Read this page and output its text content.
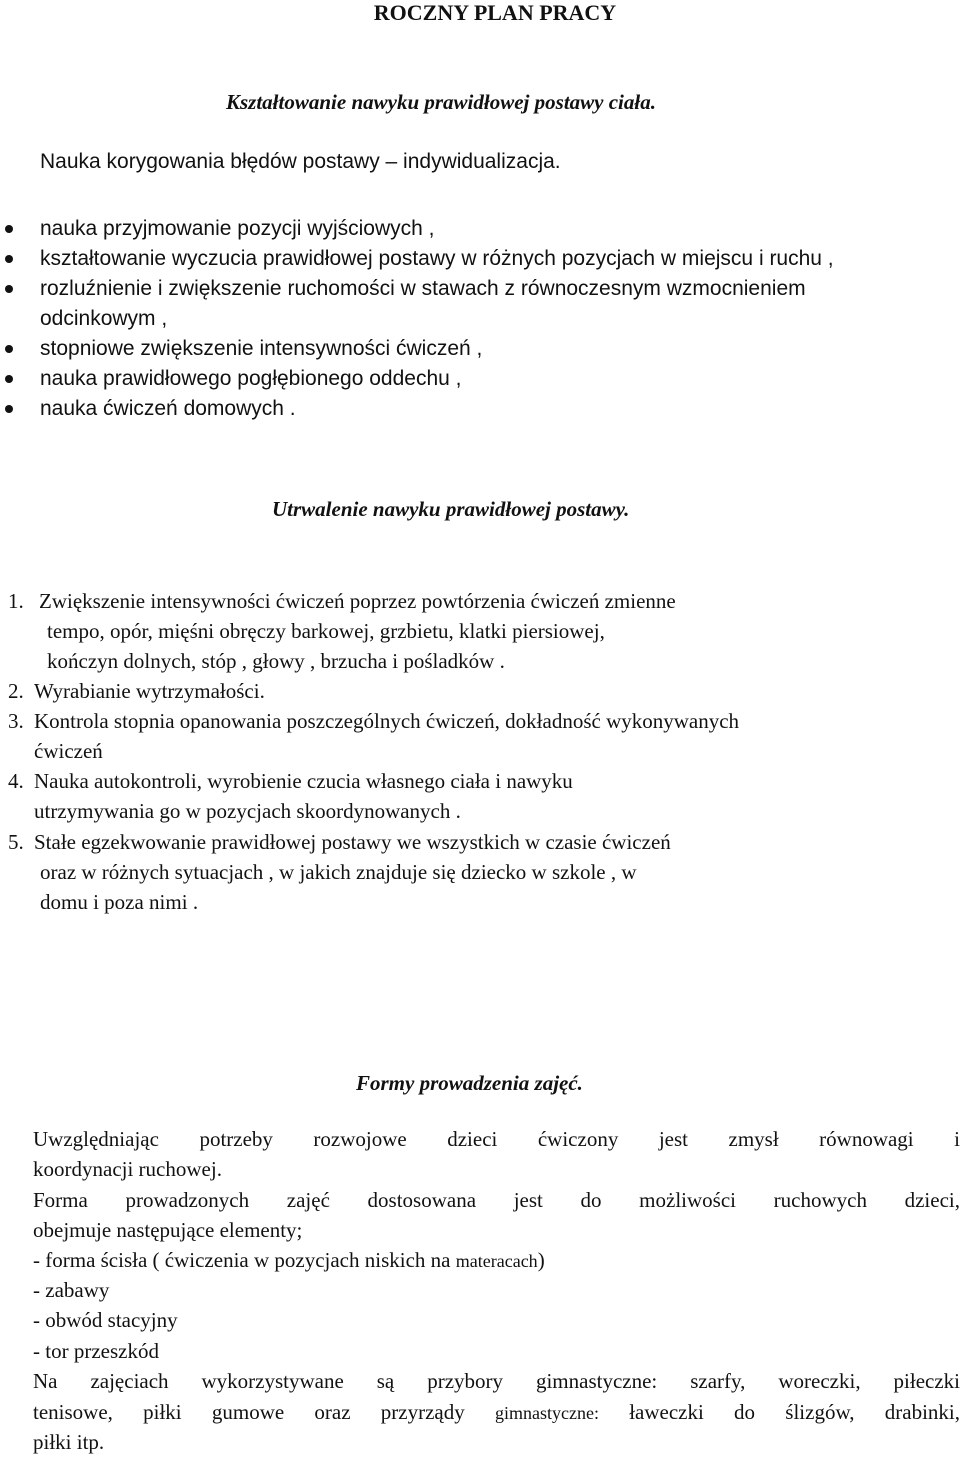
ROCZNY PLAN PRACY
Kształtowanie nawyku prawidłowej postawy ciała.
Nauka korygowania błędów postawy – indywidualizacja.
nauka przyjmowanie pozycji wyjściowych ,
kształtowanie wyczucia prawidłowej postawy w różnych pozycjach w miejscu i ruchu ,
rozluźnienie i zwiększenie ruchomości w stawach z równoczesnym wzmocnieniem
odcinkowym ,
stopniowe zwiększenie intensywności ćwiczeń ,
nauka prawidłowego pogłębionego oddechu ,
nauka ćwiczeń domowych .
Utrwalenie nawyku prawidłowej postawy.
1. Zwiększenie intensywności ćwiczeń poprzez powtórzenia ćwiczeń zmienne
tempo, opór, mięśni obręczy barkowej, grzbietu, klatki piersiowej,
kończyn dolnych, stóp , głowy , brzucha i pośladków .
2. Wyrabianie wytrzymałości.
3. Kontrola stopnia opanowania poszczególnych ćwiczeń, dokładność wykonywanych
ćwiczeń
4. Nauka autokontroli, wyrobienie czucia własnego ciała i nawyku
utrzymywania go w pozycjach skoordynowanych .
5. Stałe egzekwowanie prawidłowej postawy we wszystkich w czasie ćwiczeń
oraz w różnych sytuacjach , w jakich znajduje się dziecko w szkole , w
domu i poza nimi .
Formy prowadzenia zajęć.
Uwzględniając potrzeby rozwojowe dzieci ćwiczony jest zmysł równowagi i
koordynacji ruchowej.
Forma prowadzonych zajęć dostosowana jest do możliwości ruchowych dzieci,
obejmuje następujące elementy;
- forma ścisła ( ćwiczenia w pozycjach niskich na materacach)
- zabawy
- obwód stacyjny
- tor przeszkód
Na zajęciach wykorzystywane są przybory gimnastyczne: szarfy, woreczki, piłeczki
tenisowe, piłki gumowe oraz przyrządy gimnastyczne: ławeczki do ślizgów, drabinki,
piłki itp.
